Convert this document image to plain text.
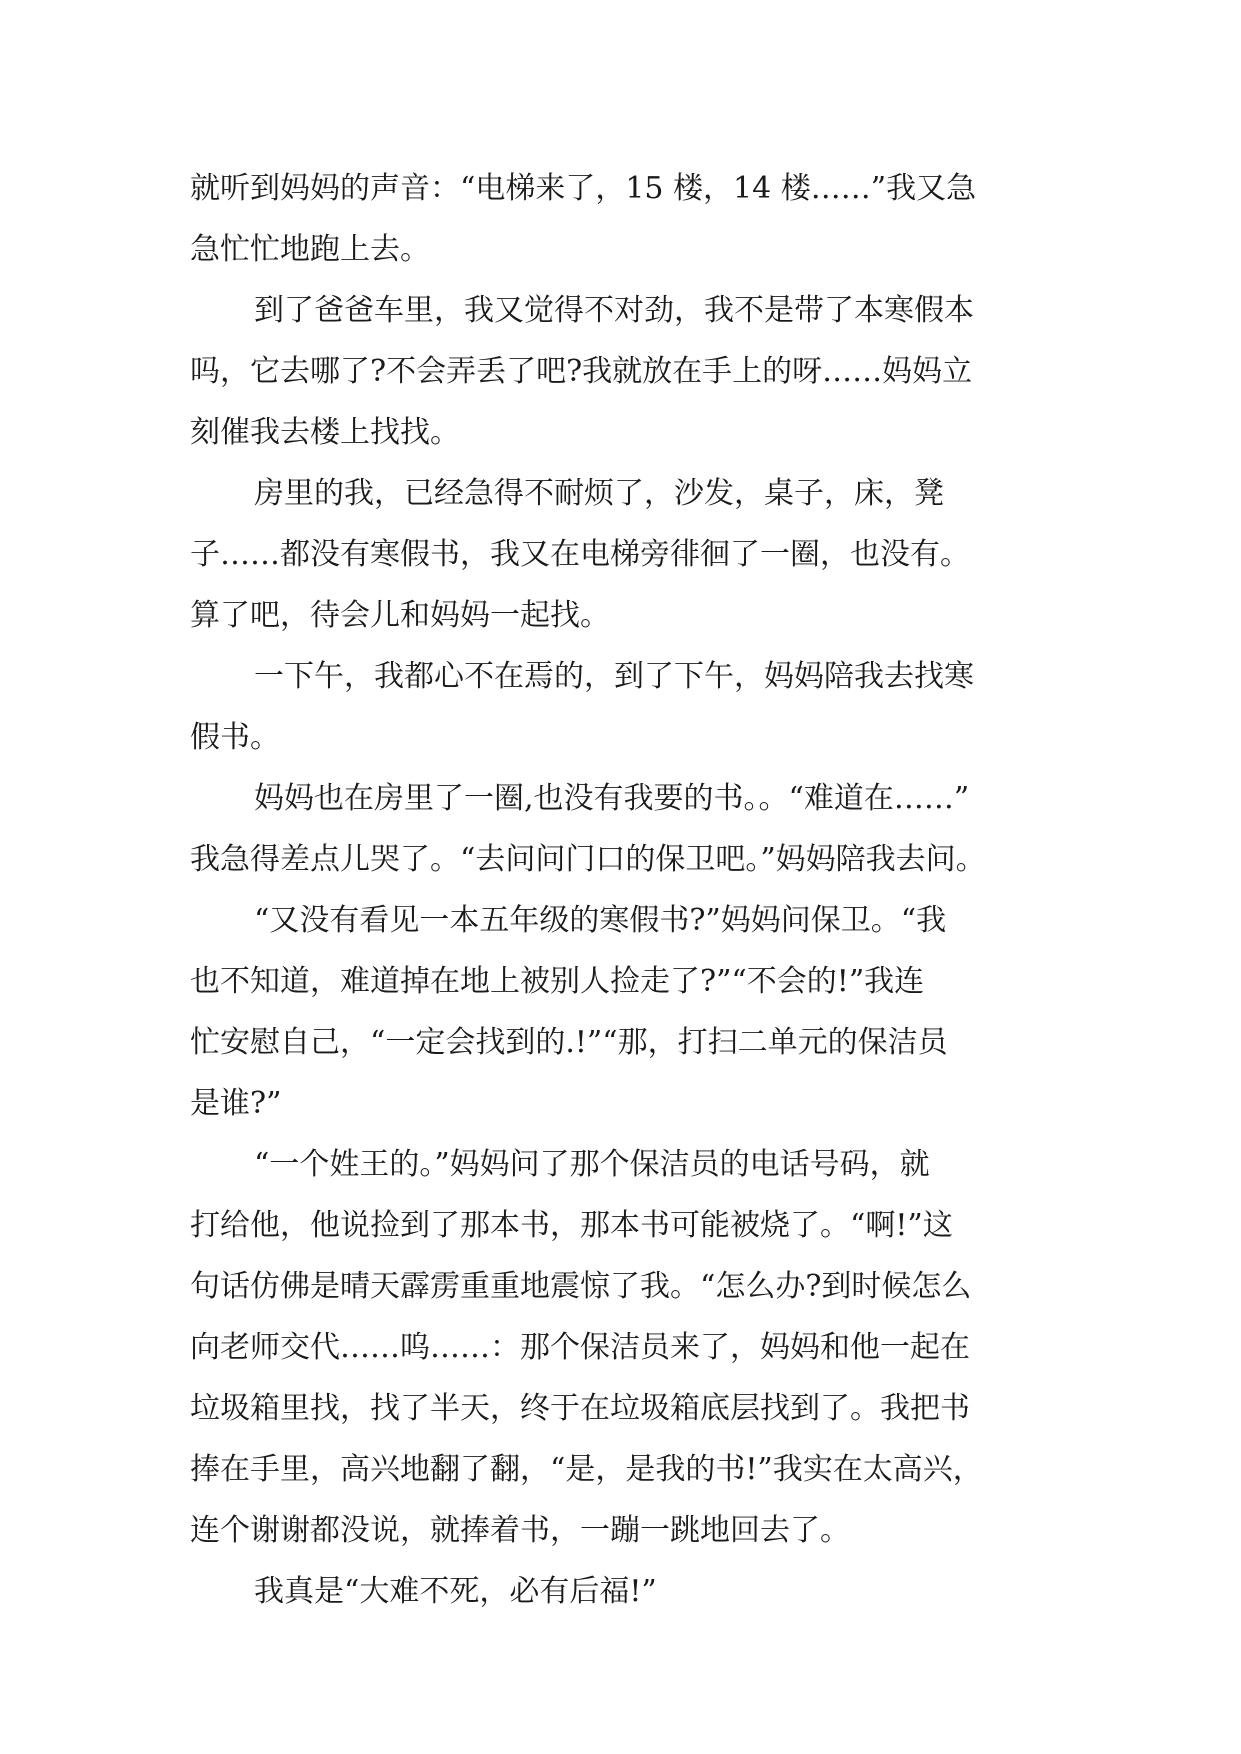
就听到妈妈的声音：“电梯来了，15 楼，14 楼……”我又急
急忙忙地跑上去。
到了爸爸车里，我又觉得不对劲，我不是带了本寒假本
吗，它去哪了?不会弄丢了吧?我就放在手上的呀……妈妈立
刻催我去楼上找找。
房里的我，已经急得不耐烦了，沙发，桌子，床，凳
子……都没有寒假书，我又在电梯旁徘徊了一圈，也没有。
算了吧，待会儿和妈妈一起找。
一下午，我都心不在焉的，到了下午，妈妈陪我去找寒
假书。
妈妈也在房里了一圈,也没有我要的书。。“难道在……”
我急得差点儿哭了。“去问问门口的保卫吧。”妈妈陪我去问。
“又没有看见一本五年级的寒假书?”妈妈问保卫。“我
也不知道，难道掉在地上被别人捡走了?”“不会的!”我连
忙安慰自己，“一定会找到的.!”“那，打扫二单元的保洁员
是谁?”
“一个姓王的。”妈妈问了那个保洁员的电话号码，就
打给他，他说捡到了那本书，那本书可能被烧了。“啊!”这
句话仿佛是晴天霹雳重重地震惊了我。“怎么办?到时候怎么
向老师交代……呜……：那个保洁员来了，妈妈和他一起在
垃圾箱里找，找了半天，终于在垃圾箱底层找到了。我把书
捧在手里，高兴地翻了翻，“是，是我的书!”我实在太高兴，
连个谢谢都没说，就捧着书，一蹦一跳地回去了。
我真是“大难不死，必有后福!”
